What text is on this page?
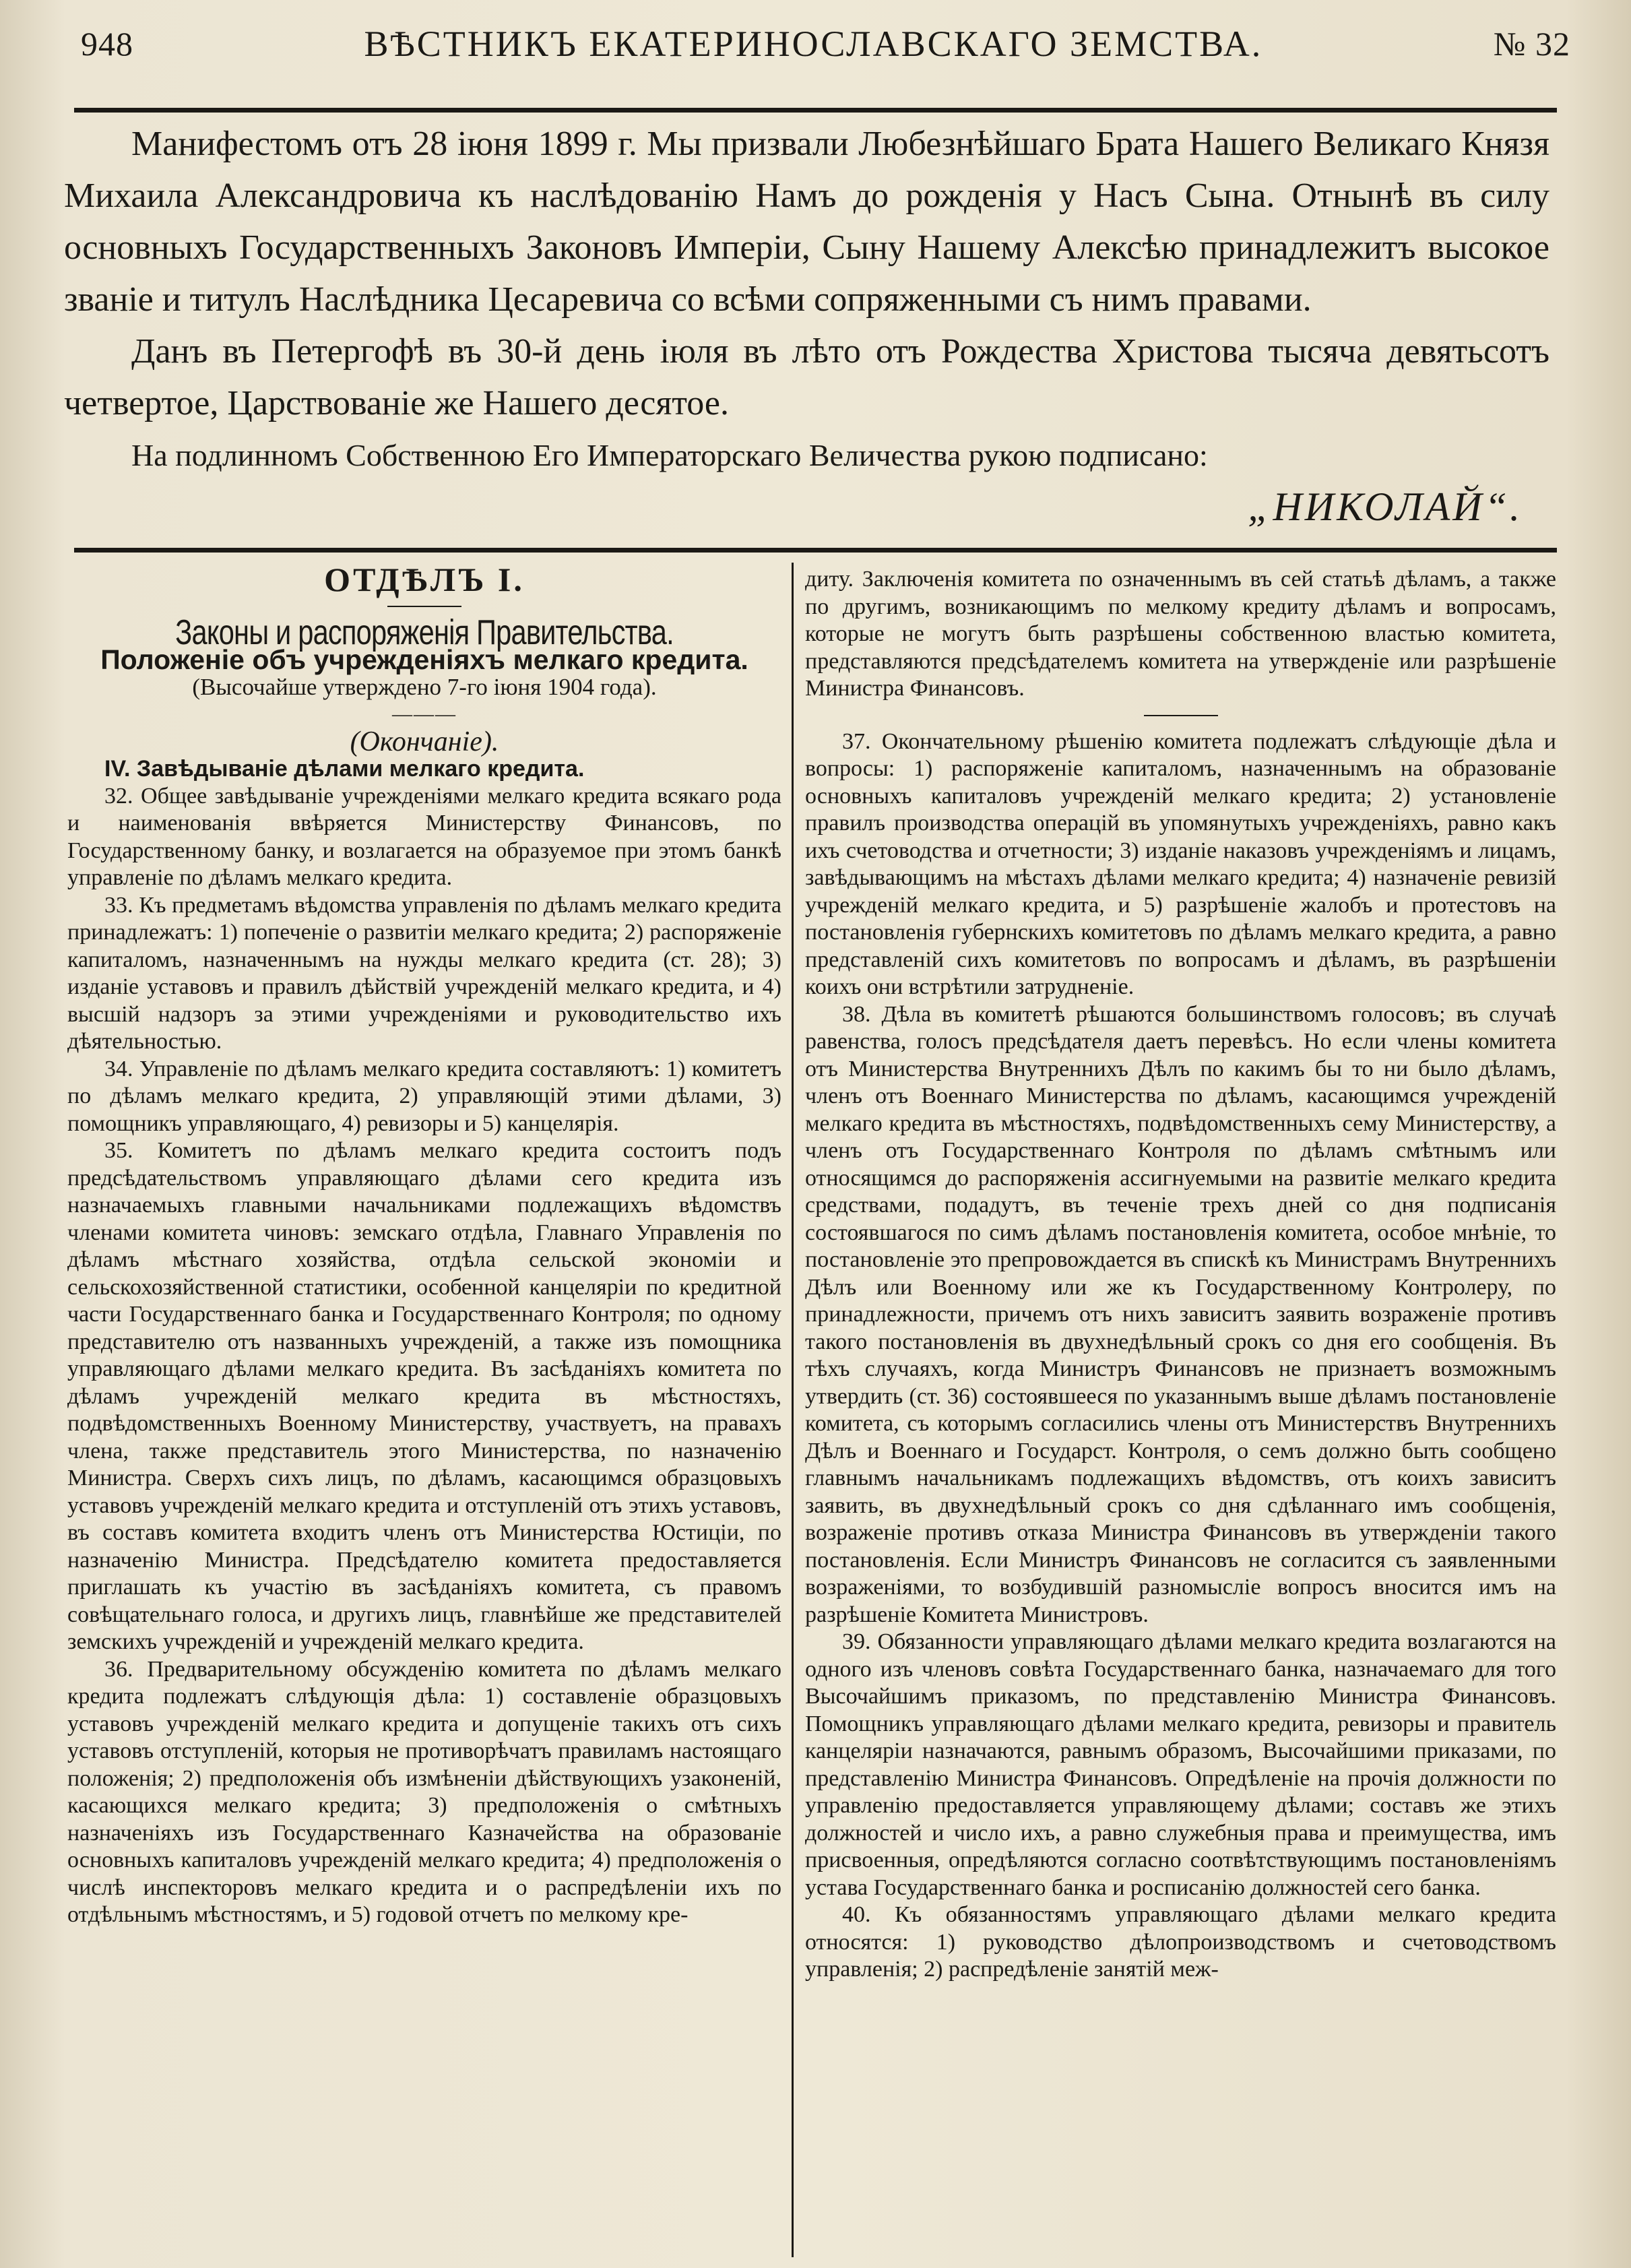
948	ВѢСТНИКЪ ЕКАТЕРИНОСЛАВСКАГО ЗЕМСТВА.	№ 32

Манифестомъ отъ 28 іюня 1899 г. Мы призвали Любезнѣйшаго Брата Нашего Великаго Князя Михаила Александровича къ наслѣдованію Намъ до рожденія у Насъ Сына. Отнынѣ въ силу основныхъ Государственныхъ Законовъ Имперіи, Сыну Нашему Алексѣю принадлежитъ высокое званіе и титулъ Наслѣдника Цесаревича со всѣми сопряженными съ нимъ правами.

Данъ въ Петергофѣ въ 30-й день іюля въ лѣто отъ Рождества Христова тысяча девятьсотъ четвертое, Царствованіе же Нашего десятое.

На подлинномъ Собственною Его Императорскаго Величества рукою подписано:

„НИКОЛАЙ“.

ОТДѢЛЪ I.

Законы и распоряженія Правительства.

Положеніе объ учрежденіяхъ мелкаго кредита.

(Высочайше утверждено 7-го іюня 1904 года).

———

(Окончаніе).

IV. Завѣдываніе дѣлами мелкаго кредита.

32. Общее завѣдываніе учрежденіями мелкаго кредита всякаго рода и наименованія ввѣряется Министерству Финансовъ, по Государственному банку, и возлагается на образуемое при этомъ банкѣ управленіе по дѣламъ мелкаго кредита.

33. Къ предметамъ вѣдомства управленія по дѣламъ мелкаго кредита принадлежатъ: 1) попеченіе о развитіи мелкаго кредита; 2) распоряженіе капиталомъ, назначеннымъ на нужды мелкаго кредита (ст. 28); 3) изданіе уставовъ и правилъ дѣйствій учрежденій мелкаго кредита, и 4) высшій надзоръ за этими учрежденіями и руководительство ихъ дѣятельностью.

34. Управленіе по дѣламъ мелкаго кредита составляютъ: 1) комитетъ по дѣламъ мелкаго кредита, 2) управляющій этими дѣлами, 3) помощникъ управляющаго, 4) ревизоры и 5) канцелярія.

35. Комитетъ по дѣламъ мелкаго кредита состоитъ подъ предсѣдательствомъ управляющаго дѣлами сего кредита изъ назначаемыхъ главными начальниками подлежащихъ вѣдомствъ членами комитета чиновъ: земскаго отдѣла, Главнаго Управленія по дѣламъ мѣстнаго хозяйства, отдѣла сельской экономіи и сельскохозяйственной статистики, особенной канцеляріи по кредитной части Государственнаго банка и Государственнаго Контроля; по одному представителю отъ названныхъ учрежденій, а также изъ помощника управляющаго дѣлами мелкаго кредита. Въ засѣданіяхъ комитета по дѣламъ учрежденій мелкаго кредита въ мѣстностяхъ, подвѣдомственныхъ Военному Министерству, участвуетъ, на правахъ члена, также представитель этого Министерства, по назначенію Министра. Сверхъ сихъ лицъ, по дѣламъ, касающимся образцовыхъ уставовъ учрежденій мелкаго кредита и отступленій отъ этихъ уставовъ, въ составъ комитета входитъ членъ отъ Министерства Юстиціи, по назначенію Министра. Предсѣдателю комитета предоставляется приглашать къ участію въ засѣданіяхъ комитета, съ правомъ совѣщательнаго голоса, и другихъ лицъ, главнѣйше же представителей земскихъ учрежденій и учрежденій мелкаго кредита.

36. Предварительному обсужденію комитета по дѣламъ мелкаго кредита подлежатъ слѣдующія дѣла: 1) составленіе образцовыхъ уставовъ учрежденій мелкаго кредита и допущеніе такихъ отъ сихъ уставовъ отступленій, которыя не противорѣчатъ правиламъ настоящаго положенія; 2) предположенія объ измѣненіи дѣйствующихъ узаконеній, касающихся мелкаго кредита; 3) предположенія о смѣтныхъ назначеніяхъ изъ Государственнаго Казначейства на образованіе основныхъ капиталовъ учрежденій мелкаго кредита; 4) предположенія о числѣ инспекторовъ мелкаго кредита и о распредѣленіи ихъ по отдѣльнымъ мѣстностямъ, и 5) годовой отчетъ по мелкому кре-

диту. Заключенія комитета по означеннымъ въ сей статьѣ дѣламъ, а также по другимъ, возникающимъ по мелкому кредиту дѣламъ и вопросамъ, которые не могутъ быть разрѣшены собственною властью комитета, представляются предсѣдателемъ комитета на утвержденіе или разрѣшеніе Министра Финансовъ.

37. Окончательному рѣшенію комитета подлежатъ слѣдующіе дѣла и вопросы: 1) распоряженіе капиталомъ, назначеннымъ на образованіе основныхъ капиталовъ учрежденій мелкаго кредита; 2) установленіе правилъ производства операцій въ упомянутыхъ учрежденіяхъ, равно какъ ихъ счетоводства и отчетности; 3) изданіе наказовъ учрежденіямъ и лицамъ, завѣдывающимъ на мѣстахъ дѣлами мелкаго кредита; 4) назначеніе ревизій учрежденій мелкаго кредита, и 5) разрѣшеніе жалобъ и протестовъ на постановленія губернскихъ комитетовъ по дѣламъ мелкаго кредита, а равно представленій сихъ комитетовъ по вопросамъ и дѣламъ, въ разрѣшеніи коихъ они встрѣтили затрудненіе.

38. Дѣла въ комитетѣ рѣшаются большинствомъ голосовъ; въ случаѣ равенства, голосъ предсѣдателя даетъ перевѣсъ. Но если члены комитета отъ Министерства Внутреннихъ Дѣлъ по какимъ бы то ни было дѣламъ, членъ отъ Военнаго Министерства по дѣламъ, касающимся учрежденій мелкаго кредита въ мѣстностяхъ, подвѣдомственныхъ сему Министерству, а членъ отъ Государственнаго Контроля по дѣламъ смѣтнымъ или относящимся до распоряженія ассигнуемыми на развитіе мелкаго кредита средствами, подадутъ, въ теченіе трехъ дней со дня подписанія состоявшагося по симъ дѣламъ постановленія комитета, особое мнѣніе, то постановленіе это препровождается въ спискѣ къ Министрамъ Внутреннихъ Дѣлъ или Военному или же къ Государственному Контролеру, по принадлежности, причемъ отъ нихъ зависитъ заявить возраженіе противъ такого постановленія въ двухнедѣльный срокъ со дня его сообщенія. Въ тѣхъ случаяхъ, когда Министръ Финансовъ не признаетъ возможнымъ утвердить (ст. 36) состоявшееся по указаннымъ выше дѣламъ постановленіе комитета, съ которымъ согласились члены отъ Министерствъ Внутреннихъ Дѣлъ и Военнаго и Государст. Контроля, о семъ должно быть сообщено главнымъ начальникамъ подлежащихъ вѣдомствъ, отъ коихъ зависитъ заявить, въ двухнедѣльный срокъ со дня сдѣланнаго имъ сообщенія, возраженіе противъ отказа Министра Финансовъ въ утвержденіи такого постановленія. Если Министръ Финансовъ не согласится съ заявленными возраженіями, то возбудившій разномысліе вопросъ вносится имъ на разрѣшеніе Комитета Министровъ.

39. Обязанности управляющаго дѣлами мелкаго кредита возлагаются на одного изъ членовъ совѣта Государственнаго банка, назначаемаго для того Высочайшимъ приказомъ, по представленію Министра Финансовъ. Помощникъ управляющаго дѣлами мелкаго кредита, ревизоры и правитель канцеляріи назначаются, равнымъ образомъ, Высочайшими приказами, по представленію Министра Финансовъ. Опредѣленіе на прочія должности по управленію предоставляется управляющему дѣлами; составъ же этихъ должностей и число ихъ, а равно служебныя права и преимущества, имъ присвоенныя, опредѣляются согласно соотвѣтствующимъ постановленіямъ устава Государственнаго банка и росписанію должностей сего банка.

40. Къ обязанностямъ управляющаго дѣлами мелкаго кредита относятся: 1) руководство дѣлопроизводствомъ и счетоводствомъ управленія; 2) распредѣленіе занятій меж-
